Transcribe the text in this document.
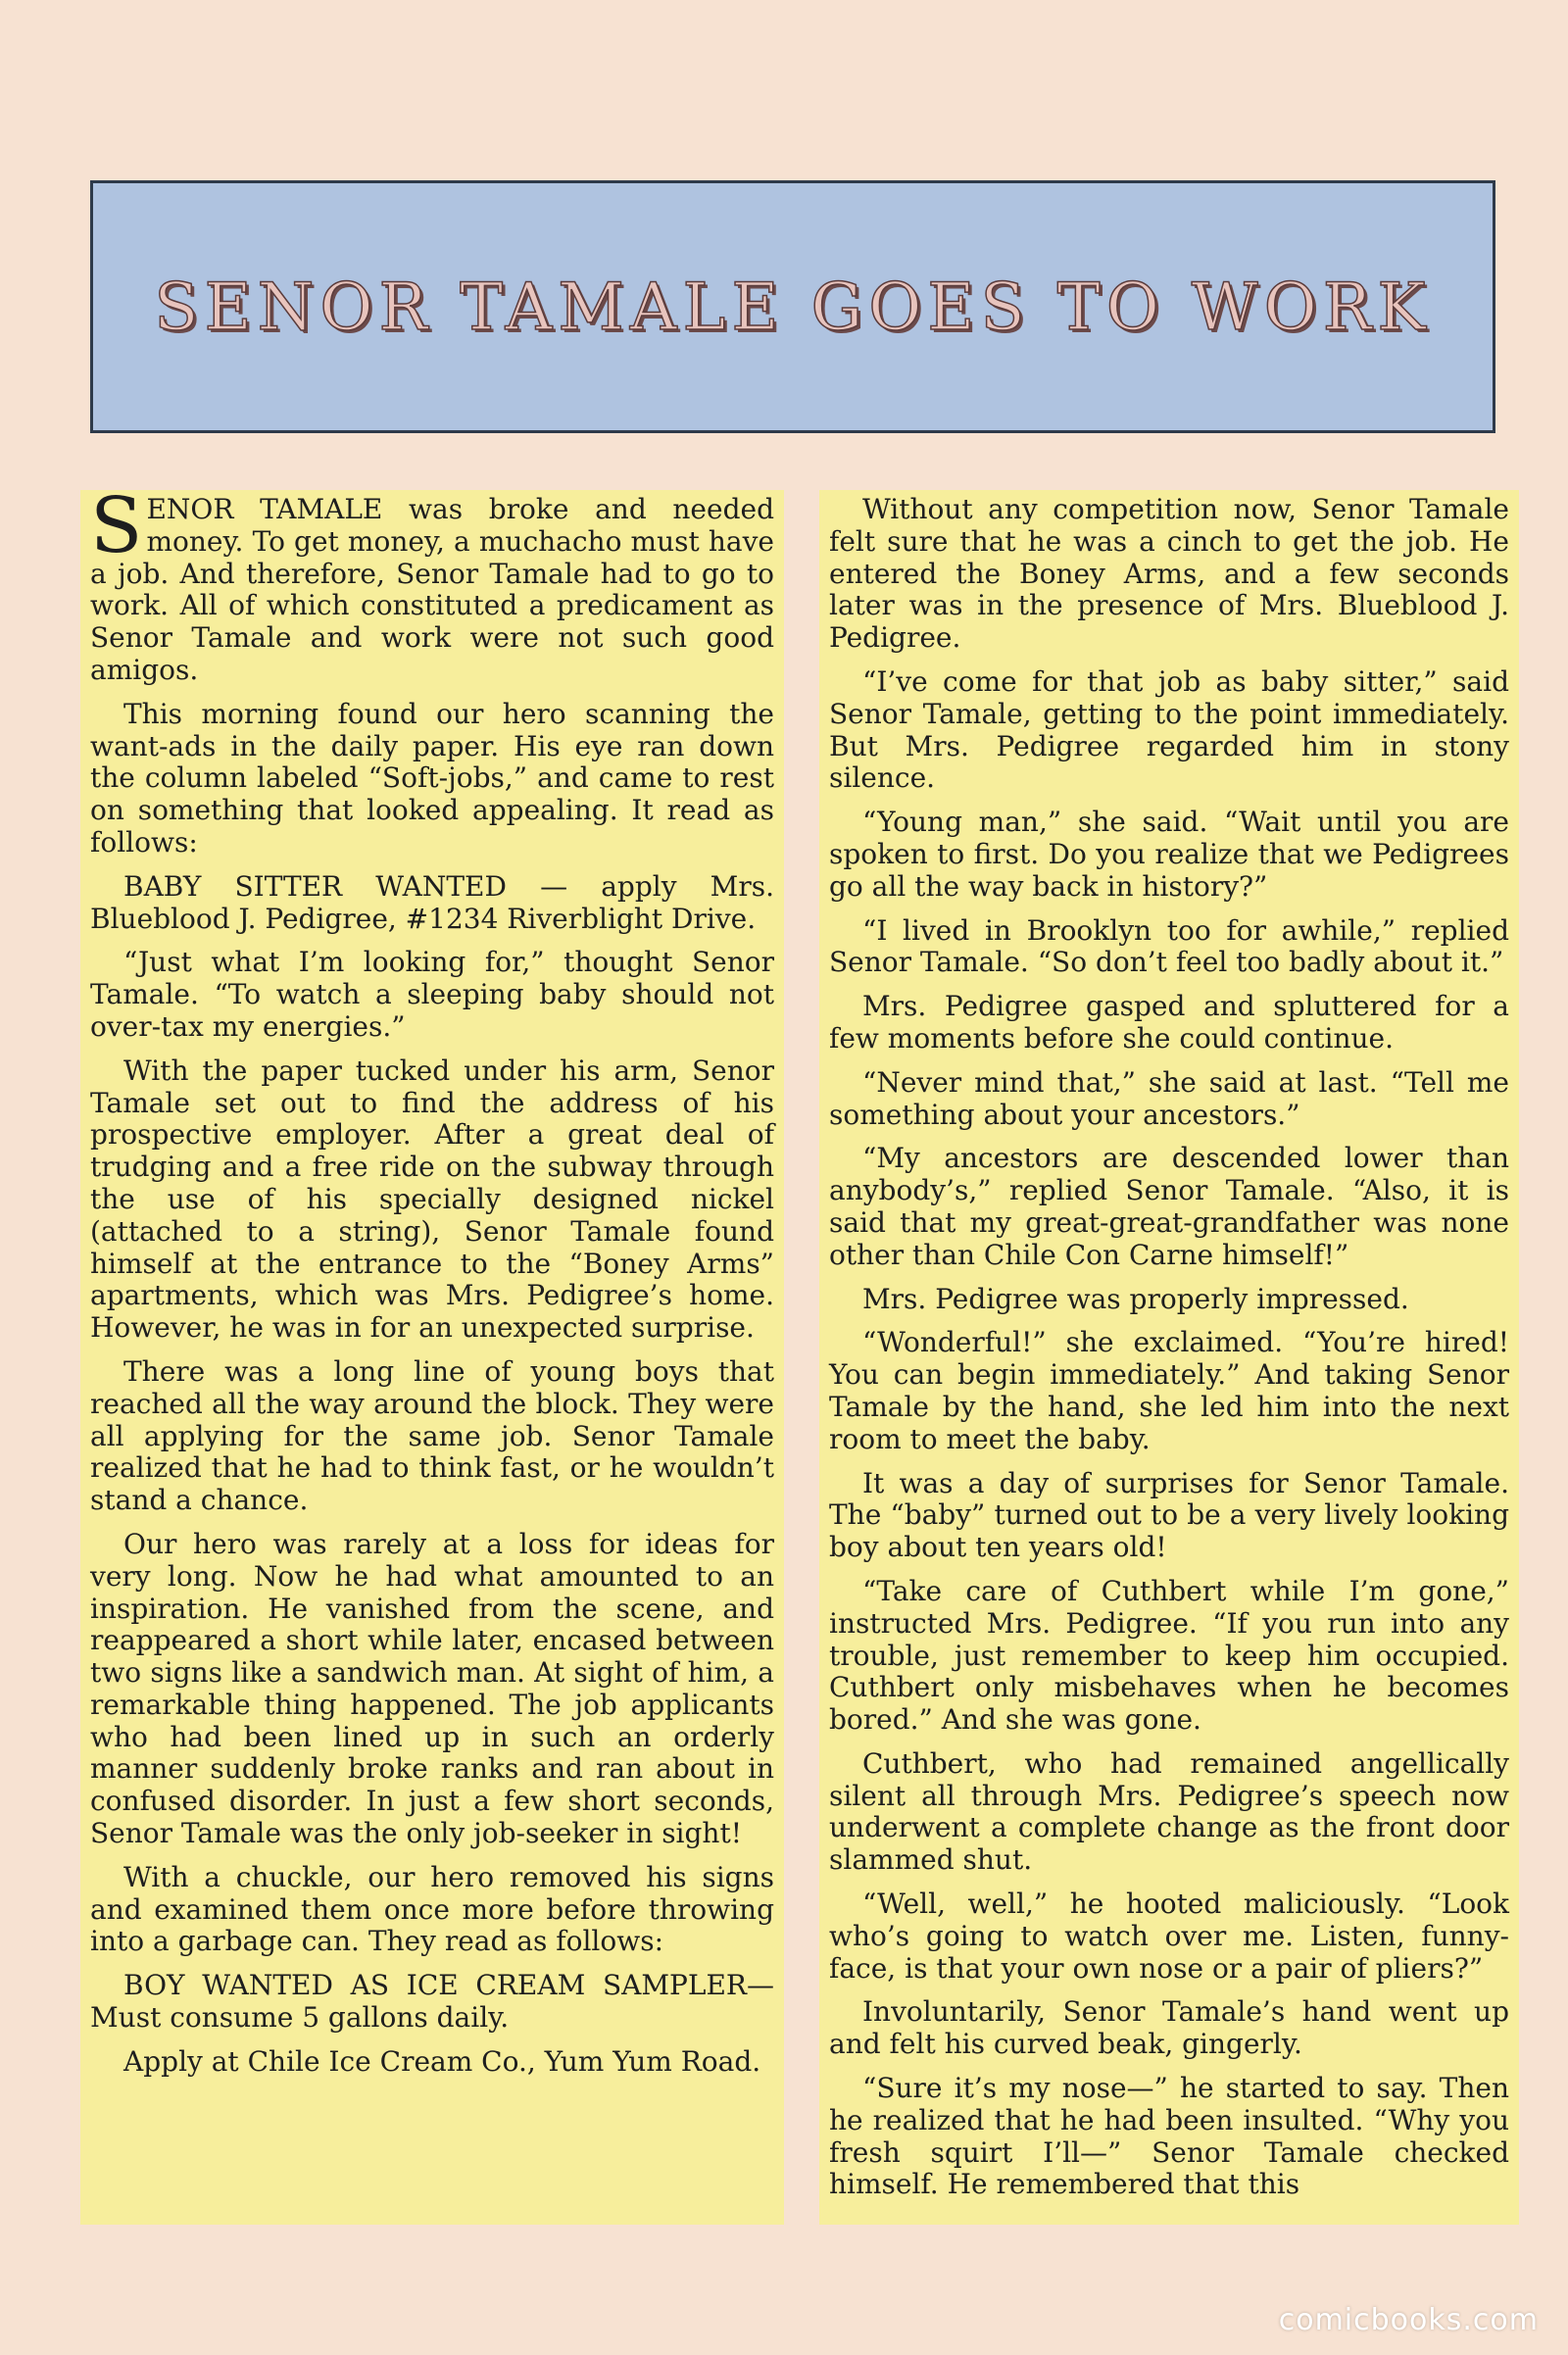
SENOR TAMALE GOES TO WORK

SENOR TAMALE was broke and needed money. To get money, a muchacho must have a job. And therefore, Senor Tamale had to go to work. All of which constituted a predicament as Senor Tamale and work were not such good amigos.

This morning found our hero scanning the want-ads in the daily paper. His eye ran down the column labeled “Soft-jobs,” and came to rest on something that looked appealing. It read as follows:

BABY SITTER WANTED — apply Mrs. Blueblood J. Pedigree, #1234 Riverblight Drive.

“Just what I’m looking for,” thought Senor Tamale. “To watch a sleeping baby should not over-tax my energies.”

With the paper tucked under his arm, Senor Tamale set out to find the address of his prospective employer. After a great deal of trudging and a free ride on the subway through the use of his specially designed nickel (attached to a string), Senor Tamale found himself at the entrance to the “Boney Arms” apartments, which was Mrs. Pedigree’s home. However, he was in for an unexpected surprise.

There was a long line of young boys that reached all the way around the block. They were all applying for the same job. Senor Tamale realized that he had to think fast, or he wouldn’t stand a chance.

Our hero was rarely at a loss for ideas for very long. Now he had what amounted to an inspiration. He vanished from the scene, and reappeared a short while later, encased between two signs like a sandwich man. At sight of him, a remarkable thing happened. The job applicants who had been lined up in such an orderly manner suddenly broke ranks and ran about in confused disorder. In just a few short seconds, Senor Tamale was the only job-seeker in sight!

With a chuckle, our hero removed his signs and examined them once more before throwing into a garbage can. They read as follows:

BOY WANTED AS ICE CREAM SAMPLER—Must consume 5 gallons daily.

Apply at Chile Ice Cream Co., Yum Yum Road.

Without any competition now, Senor Tamale felt sure that he was a cinch to get the job. He entered the Boney Arms, and a few seconds later was in the presence of Mrs. Blueblood J. Pedigree.

“I’ve come for that job as baby sitter,” said Senor Tamale, getting to the point immediately. But Mrs. Pedigree regarded him in stony silence.

“Young man,” she said. “Wait until you are spoken to first. Do you realize that we Pedigrees go all the way back in history?”

“I lived in Brooklyn too for awhile,” replied Senor Tamale. “So don’t feel too badly about it.”

Mrs. Pedigree gasped and spluttered for a few moments before she could continue.

“Never mind that,” she said at last. “Tell me something about your ancestors.”

“My ancestors are descended lower than anybody’s,” replied Senor Tamale. “Also, it is said that my great-great-grandfather was none other than Chile Con Carne himself!”

Mrs. Pedigree was properly impressed.

“Wonderful!” she exclaimed. “You’re hired! You can begin immediately.” And taking Senor Tamale by the hand, she led him into the next room to meet the baby.

It was a day of surprises for Senor Tamale. The “baby” turned out to be a very lively looking boy about ten years old!

“Take care of Cuthbert while I’m gone,” instructed Mrs. Pedigree. “If you run into any trouble, just remember to keep him occupied. Cuthbert only misbehaves when he becomes bored.” And she was gone.

Cuthbert, who had remained angellically silent all through Mrs. Pedigree’s speech now underwent a complete change as the front door slammed shut.

“Well, well,” he hooted maliciously. “Look who’s going to watch over me. Listen, funny-face, is that your own nose or a pair of pliers?”

Involuntarily, Senor Tamale’s hand went up and felt his curved beak, gingerly.

“Sure it’s my nose—” he started to say. Then he realized that he had been insulted. “Why you fresh squirt I’ll—” Senor Tamale checked himself. He remembered that this

comicbooks.com
